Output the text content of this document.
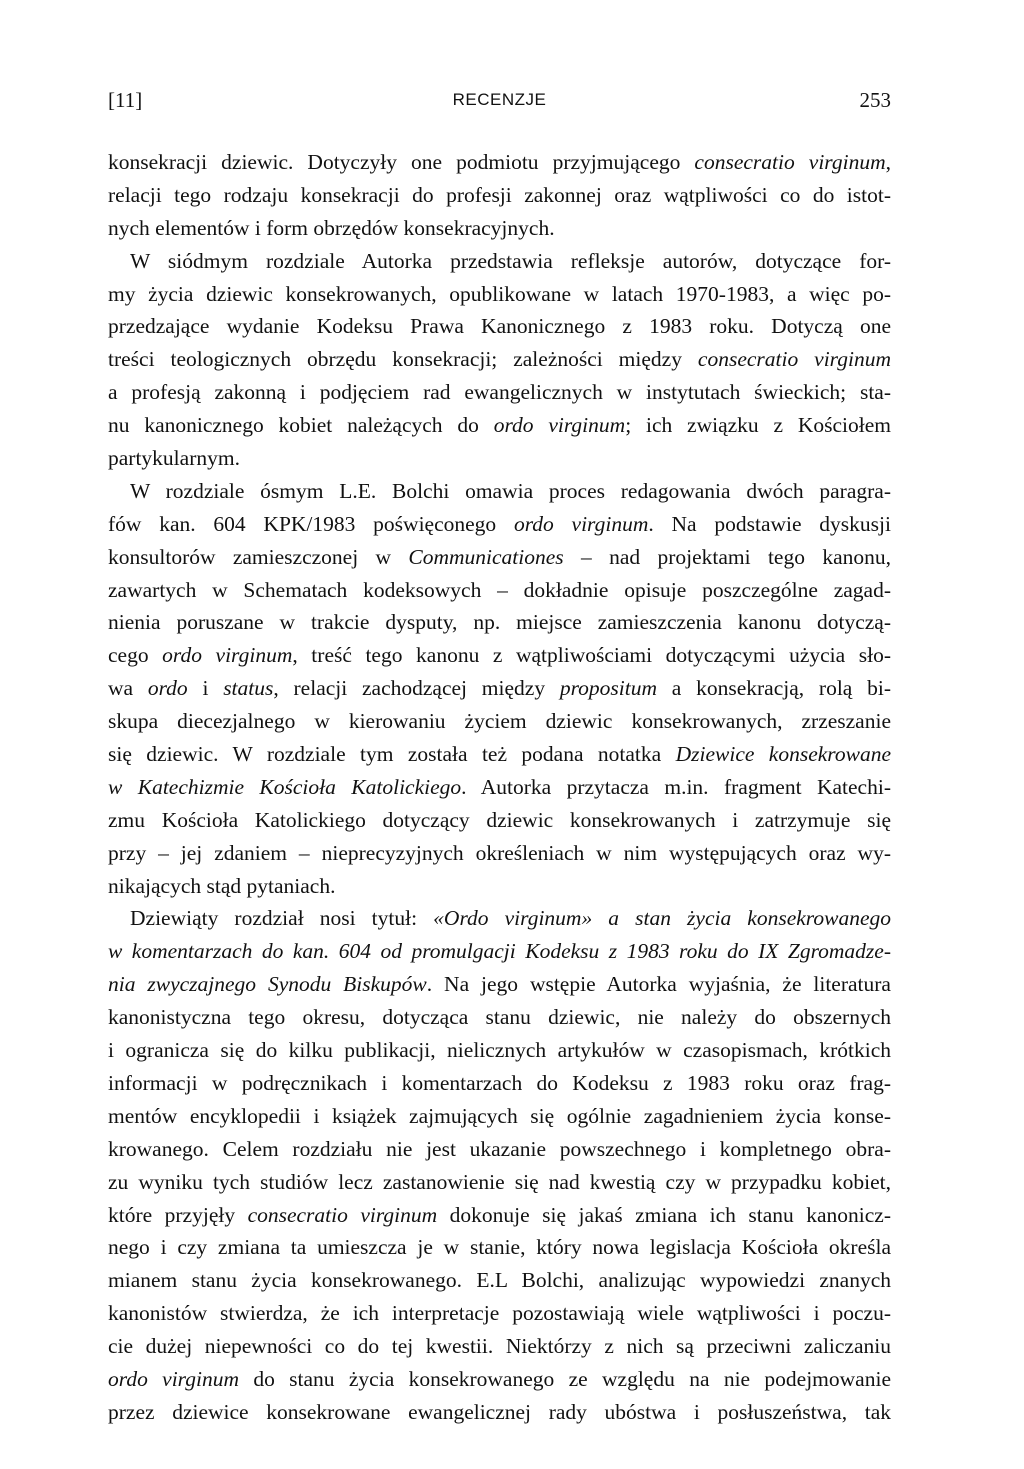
[11]	RECENZJE	253
konsekracji dziewic. Dotyczyły one podmiotu przyjmującego consecratio virginum,
relacji tego rodzaju konsekracji do profesji zakonnej oraz wątpliwości co do istot-
nych elementów i form obrzędów konsekracyjnych.
W siódmym rozdziale Autorka przedstawia refleksje autorów, dotyczące for-
my życia dziewic konsekrowanych, opublikowane w latach 1970-1983, a więc po-
przedzające wydanie Kodeksu Prawa Kanonicznego z 1983 roku. Dotyczą one
treści teologicznych obrzędu konsekracji; zależności między consecratio virginum
a profesją zakonną i podjęciem rad ewangelicznych w instytutach świeckich; sta-
nu kanonicznego kobiet należących do ordo virginum; ich związku z Kościołem
partykularnym.
W rozdziale ósmym L.E. Bolchi omawia proces redagowania dwóch paragra-
fów kan. 604 KPK/1983 poświęconego ordo virginum. Na podstawie dyskusji
konsultorów zamieszczonej w Communicationes – nad projektami tego kanonu,
zawartych w Schematach kodeksowych – dokładnie opisuje poszczególne zagad-
nienia poruszane w trakcie dysputy, np. miejsce zamieszczenia kanonu dotyczą-
cego ordo virginum, treść tego kanonu z wątpliwościami dotyczącymi użycia sło-
wa ordo i status, relacji zachodzącej między propositum a konsekracją, rolą bi-
skupa diecezjalnego w kierowaniu życiem dziewic konsekrowanych, zrzeszanie
się dziewic. W rozdziale tym została też podana notatka Dziewice konsekrowane
w Katechizmie Kościoła Katolickiego. Autorka przytacza m.in. fragment Katechi-
zmu Kościoła Katolickiego dotyczący dziewic konsekrowanych i zatrzymuje się
przy – jej zdaniem – nieprecyzyjnych określeniach w nim występujących oraz wy-
nikających stąd pytaniach.
Dziewiąty rozdział nosi tytuł: «Ordo virginum» a stan życia konsekrowanego
w komentarzach do kan. 604 od promulgacji Kodeksu z 1983 roku do IX Zgromadze-
nia zwyczajnego Synodu Biskupów. Na jego wstępie Autorka wyjaśnia, że literatura
kanonistyczna tego okresu, dotycząca stanu dziewic, nie należy do obszernych
i ogranicza się do kilku publikacji, nielicznych artykułów w czasopismach, krótkich
informacji w podręcznikach i komentarzach do Kodeksu z 1983 roku oraz frag-
mentów encyklopedii i książek zajmujących się ogólnie zagadnieniem życia konse-
krowanego. Celem rozdziału nie jest ukazanie powszechnego i kompletnego obra-
zu wyniku tych studiów lecz zastanowienie się nad kwestią czy w przypadku kobiet,
które przyjęły consecratio virginum dokonuje się jakaś zmiana ich stanu kanonicz-
nego i czy zmiana ta umieszcza je w stanie, który nowa legislacja Kościoła określa
mianem stanu życia konsekrowanego. E.L Bolchi, analizując wypowiedzi znanych
kanonistów stwierdza, że ich interpretacje pozostawiają wiele wątpliwości i poczu-
cie dużej niepewności co do tej kwestii. Niektórzy z nich są przeciwni zaliczaniu
ordo virginum do stanu życia konsekrowanego ze względu na nie podejmowanie
przez dziewice konsekrowane ewangelicznej rady ubóstwa i posłuszeństwa, tak
